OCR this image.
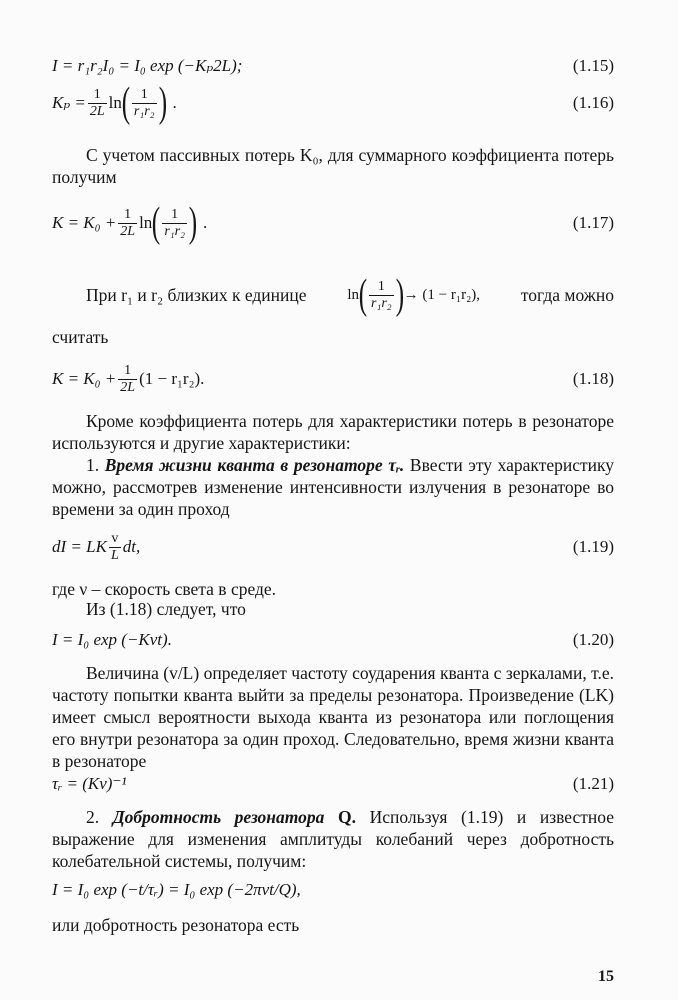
I = r₁r₂I₀ = I₀ exp (−Kₚ2L);	(1.15)
$K_p = \frac{1}{2L}$ ln ( $\frac{1}{\text{r₁r₂}}$ ) .	(1.16)
С учетом пассивных потерь K₀, для суммарного коэффициента потерь получим
$K = K_0 + \frac{1}{2L}$ ln ( $\frac{1}{\text{r₁r₂}}$ ) .	(1.17)
При r₁ и r₂ близких к единице	ln ( $\frac{1}{\text{r₁r₂}}$ ) → (1 − r₁r₂), тогда можно
считать
$K = K_0 + \frac{1}{2L} (1 - r_1r_2)$.	(1.18)
Кроме коэффициента потерь для характеристики потерь в резонаторе используются и другие характеристики:
1. Время жизни кванта в резонаторе τᵣ. Ввести эту характеристику можно, рассмотрев изменение интенсивности излучения в резонаторе во времени за один проход
dI = LK $\frac{v}{L}$ dt,	(1.19)
где ν – скорость света в среде.
Из (1.18) следует, что
I = I₀ exp (−Kvt).	(1.20)
Величина (v/L) определяет частоту соударения кванта с зеркалами, т.е. частоту попытки кванта выйти за пределы резонатора. Произведение (LK) имеет смысл вероятности выхода кванта из резонатора или поглощения его внутри резонатора за один проход. Следовательно, время жизни кванта в резонаторе
τᵣ = (Kv)⁻¹	(1.21)
2. Добротность резонатора Q. Используя (1.19) и известное выражение для изменения амплитуды колебаний через добротность колебательной системы, получим:
I = I₀ exp (−t/τᵣ) = I₀ exp (−2πvt/Q),
или добротность резонатора есть
15
